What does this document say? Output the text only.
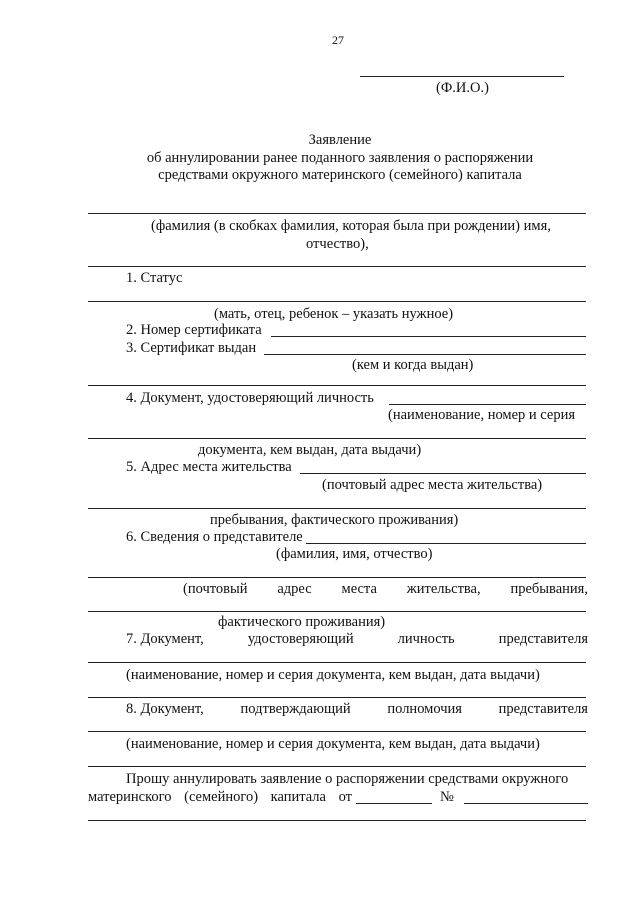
27
(Ф.И.О.)
Заявление
об аннулировании ранее поданного заявления о распоряжении
средствами окружного материнского (семейного) капитала
(фамилия (в скобках фамилия, которая была при рождении) имя,
отчество),
1. Статус
(мать, отец, ребенок – указать нужное)
2. Номер сертификата
3. Сертификат выдан
(кем и когда выдан)
4. Документ, удостоверяющий личность
(наименование, номер и серия
документа, кем выдан, дата выдачи)
5. Адрес места жительства
(почтовый адрес места жительства)
пребывания, фактического проживания)
6. Сведения о представителе
(фамилия, имя, отчество)
(почтовый адрес места жительства, пребывания,
фактического проживания)
7. Документ,	удостоверяющий	личность	представителя
(наименование, номер и серия документа, кем выдан, дата выдачи)
8. Документ,	подтверждающий	полномочия	представителя
(наименование, номер и серия документа, кем выдан, дата выдачи)
Прошу аннулировать заявление о распоряжении средствами окружного
материнского (семейного) капитала от	№
